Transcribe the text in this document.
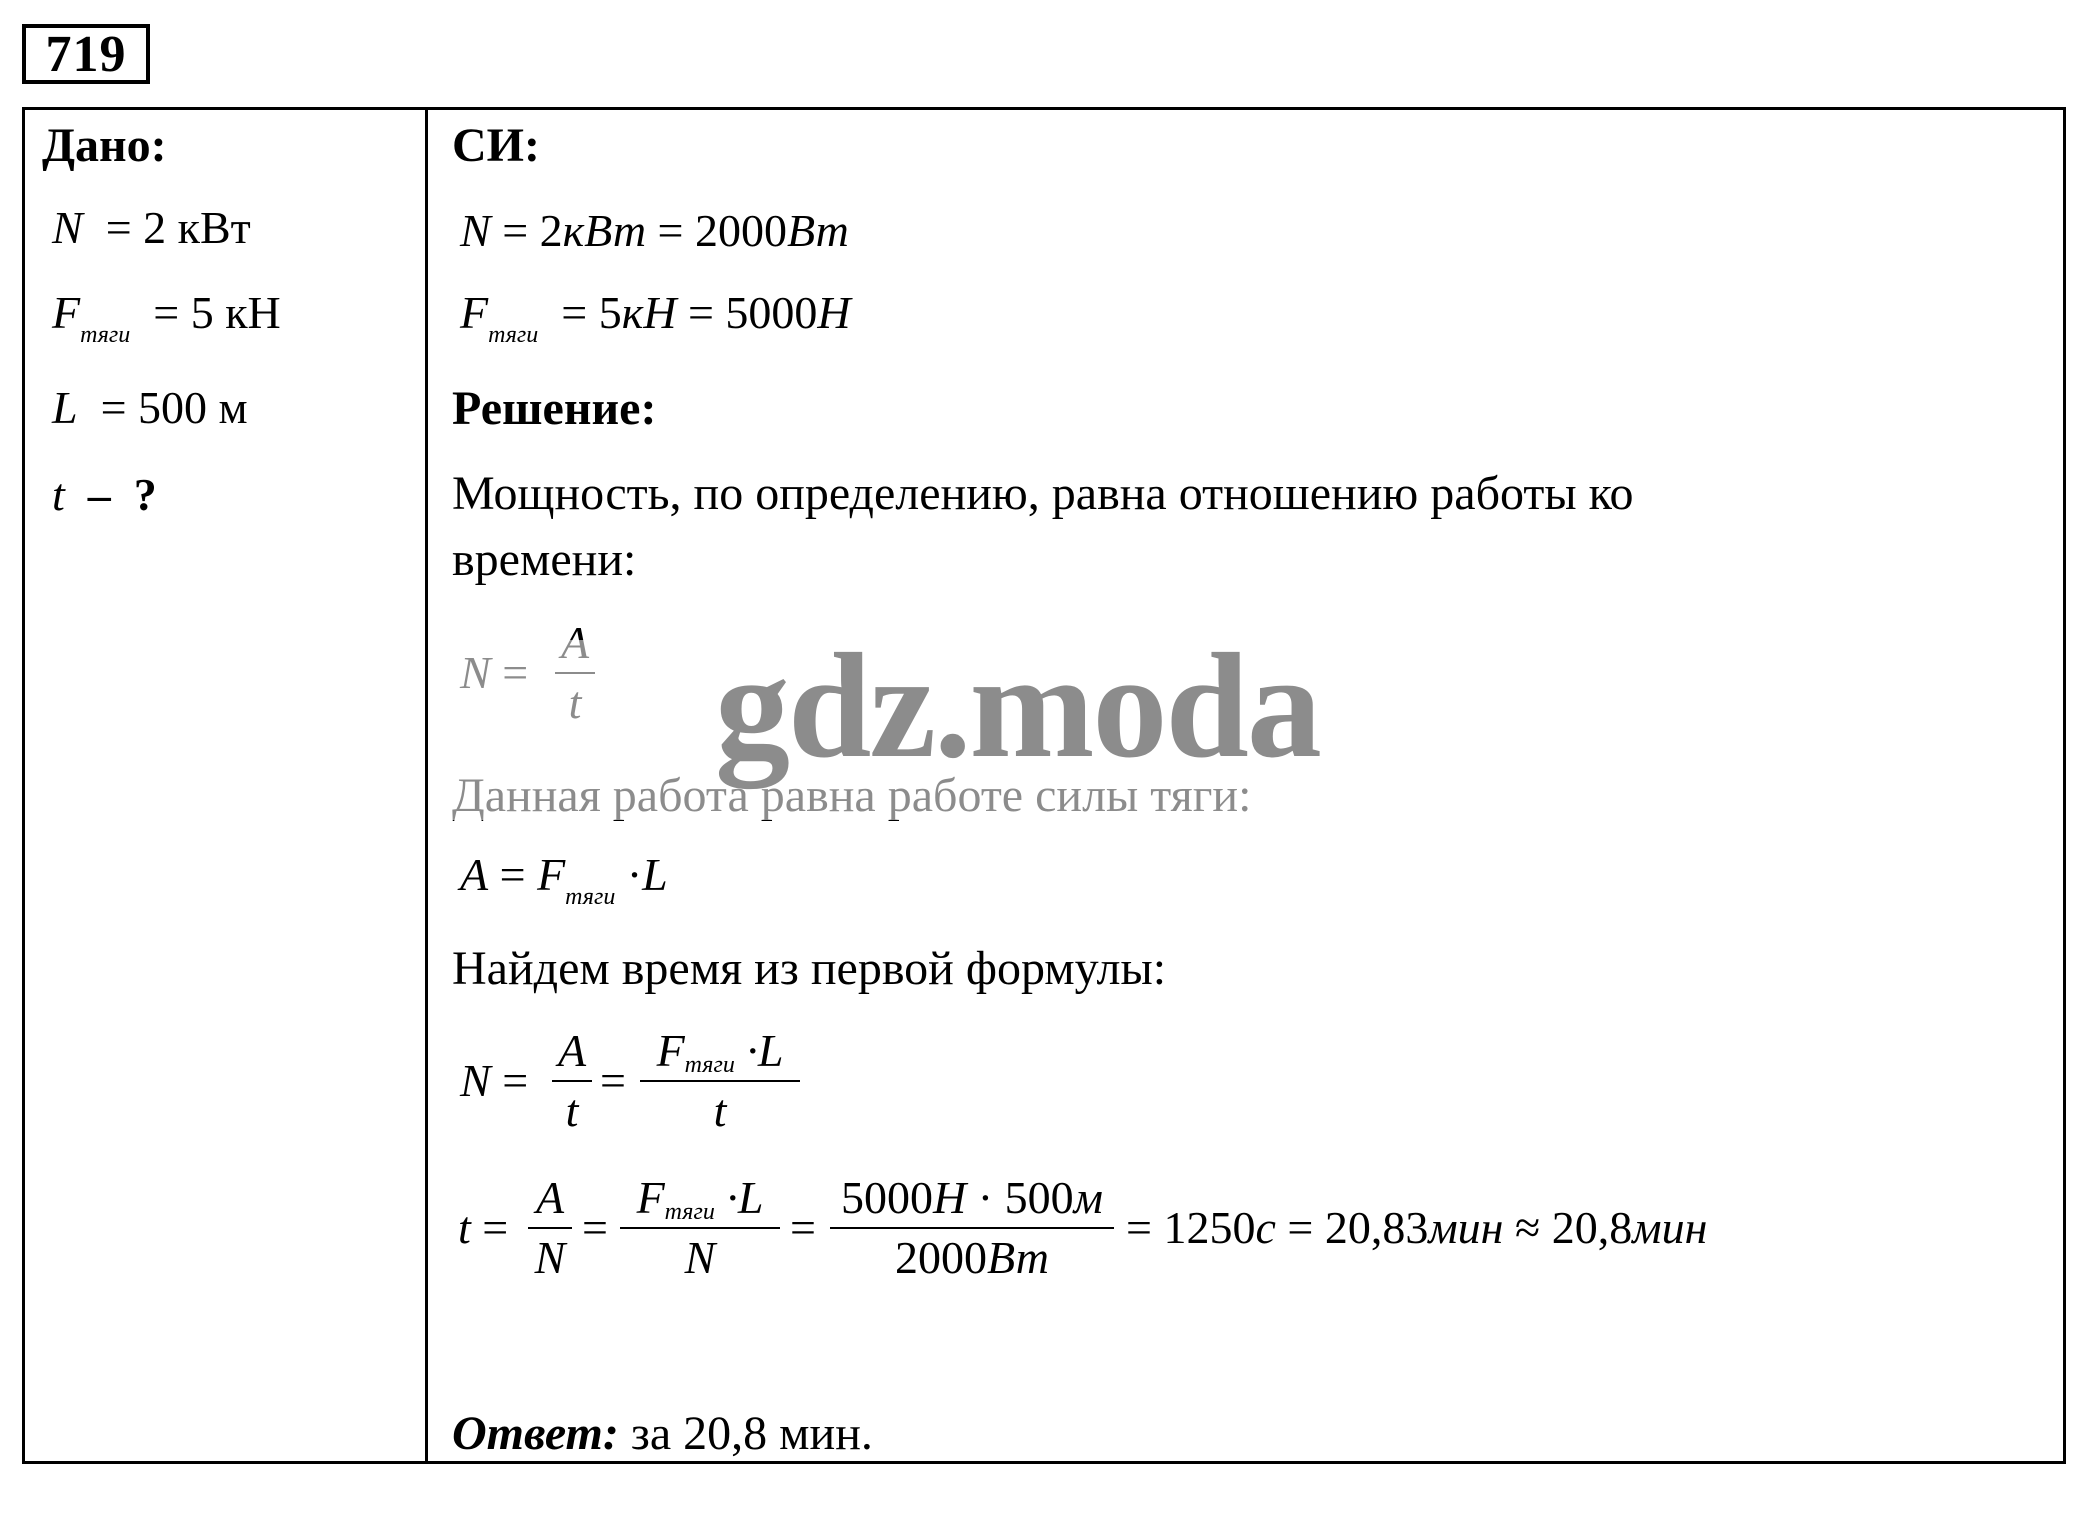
719
Дано:
N  = 2 кВт
$F_{тяги} = 5$ кН
L  = 500 м
t – ?
СИ:
N = 2кВт = 2000Вт
$F_{тяги} = 5кН = 5000Н$
Решение:
Мощность, по определению, равна отношению работы ко
времени:
$A = F_{тяги} \cdot L$
Найдем время из первой формулы:
N =
A
t
=
Fтяги ·L
t
t =
A
N
=
Fтяги ·L
N
=
5000Н · 500м
2000Вт
= 1250с = 20,83мин ≈ 20,8мин
Ответ: за 20,8 мин.
gdz.moda
